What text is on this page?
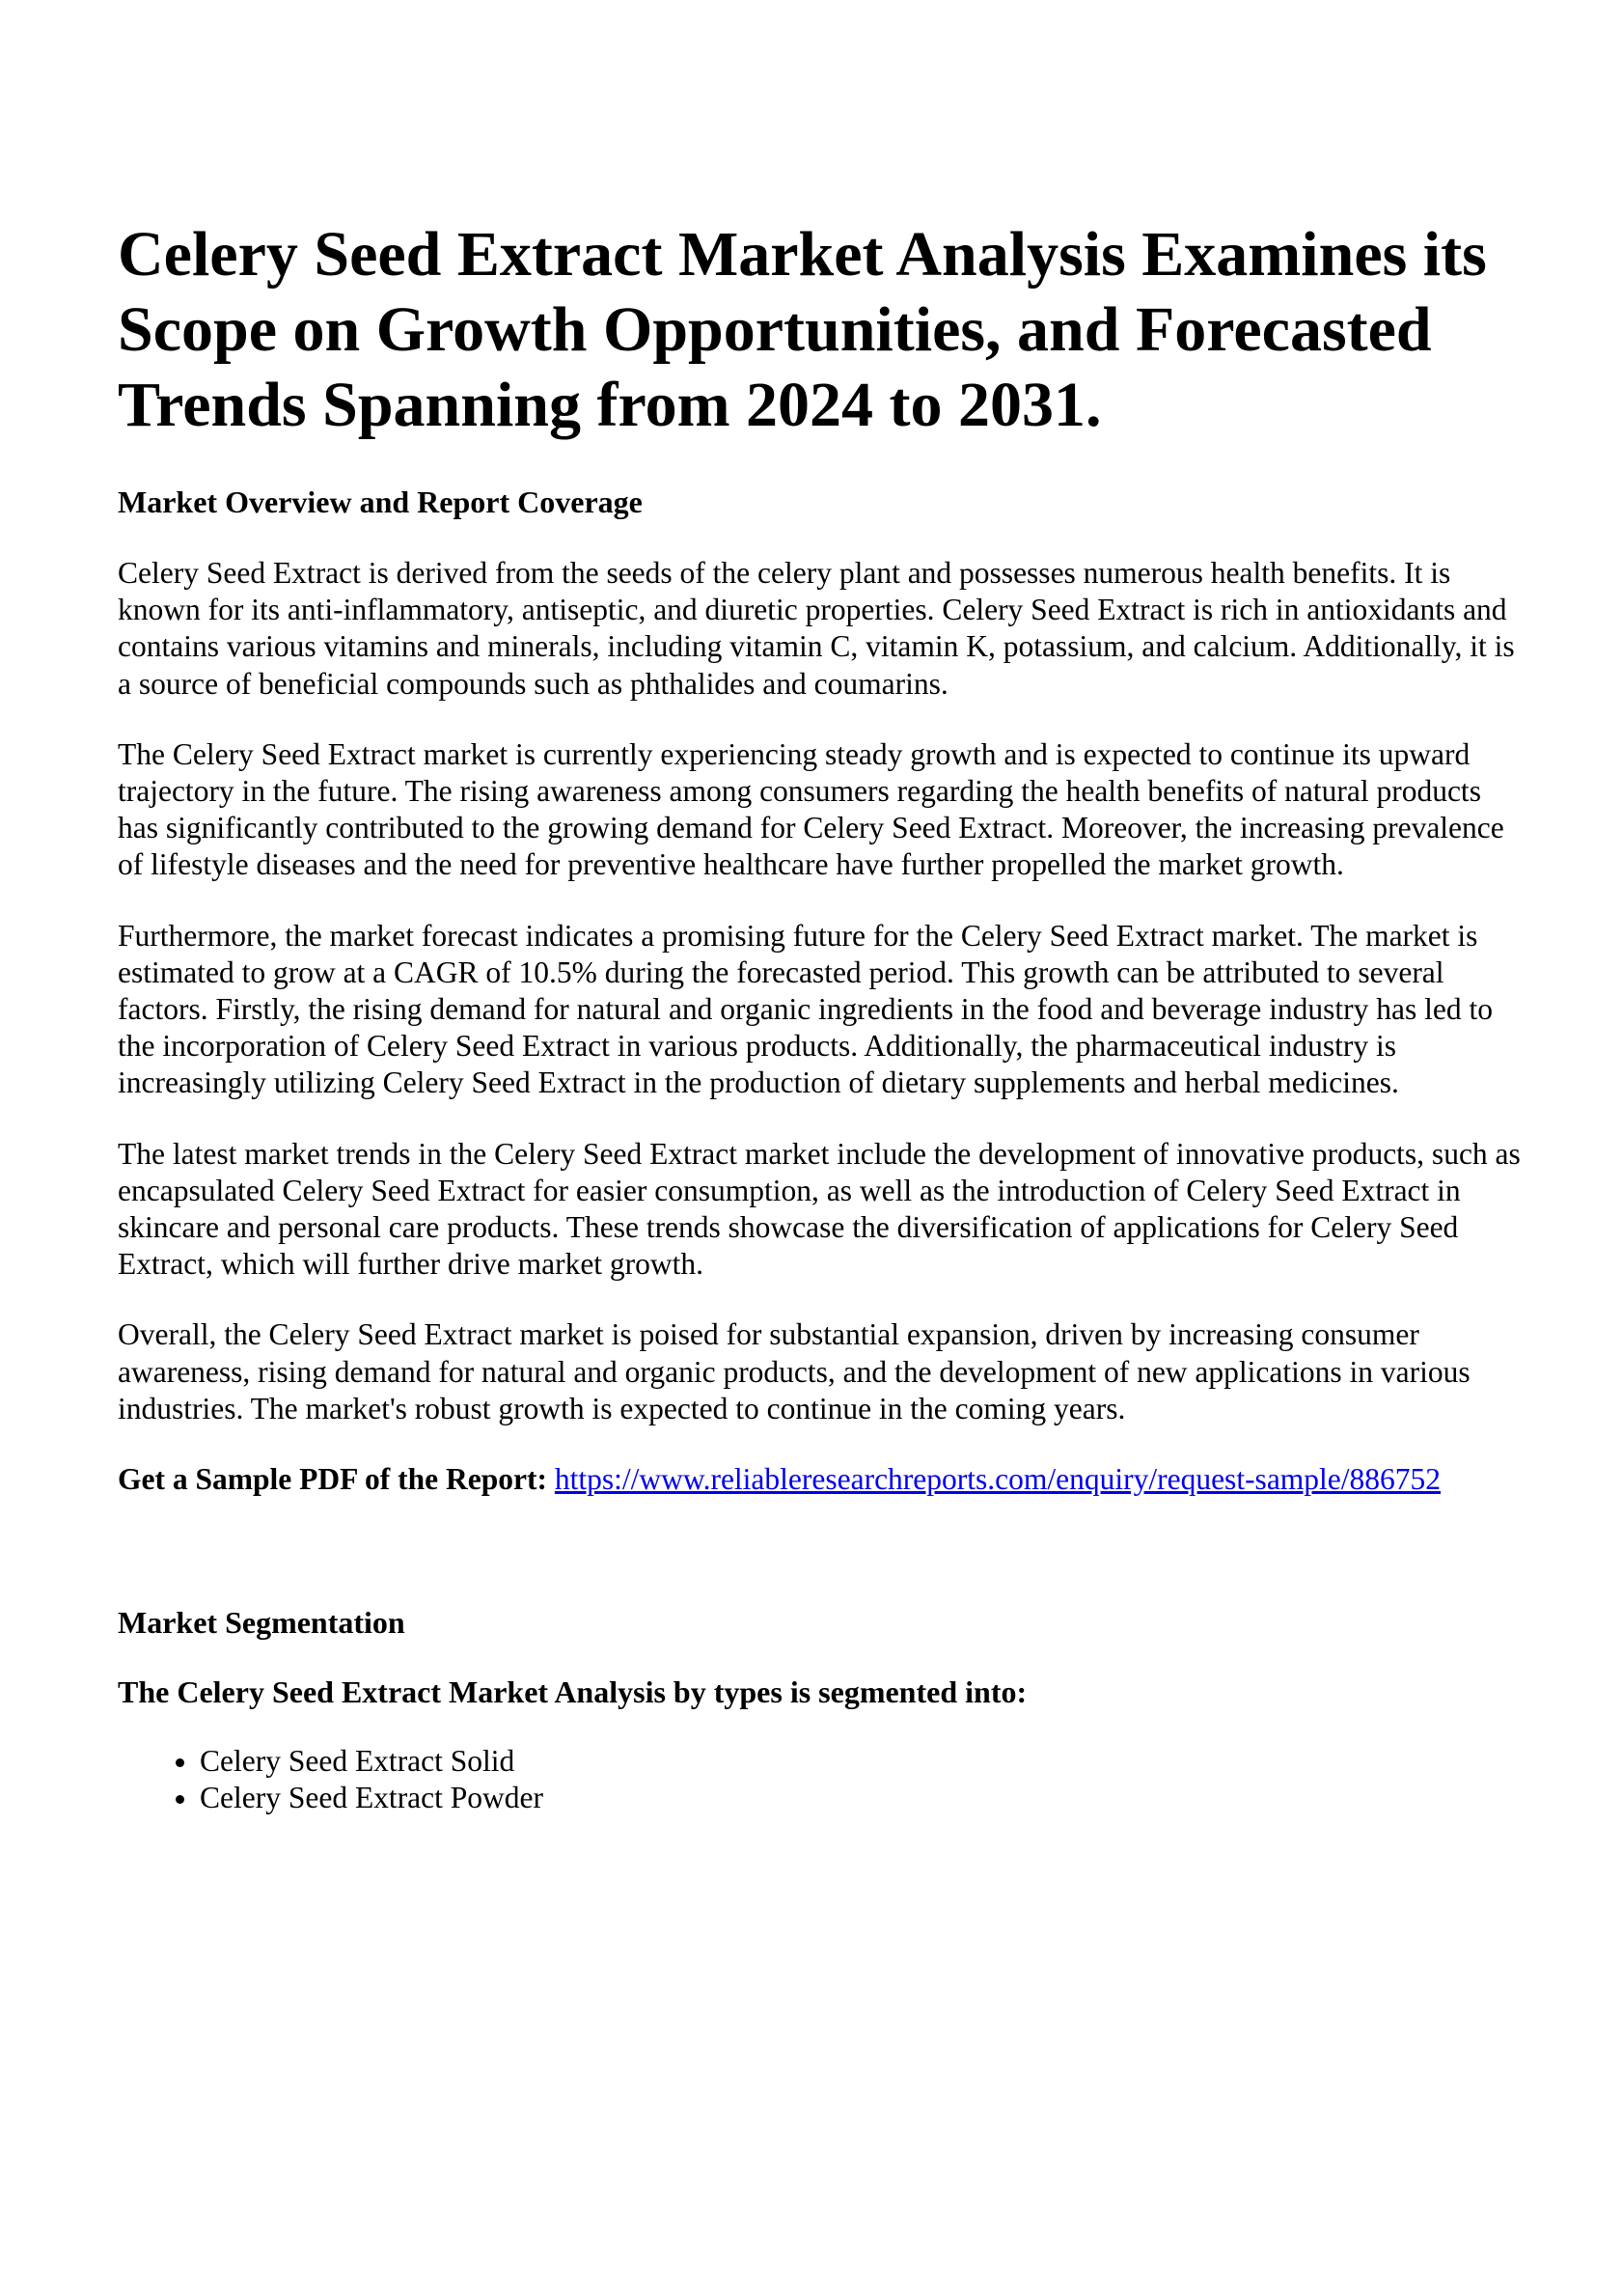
Celery Seed Extract Market Analysis Examines its Scope on Growth Opportunities, and Forecasted Trends Spanning from 2024 to 2031.
Market Overview and Report Coverage

Celery Seed Extract is derived from the seeds of the celery plant and possesses numerous health benefits. It is known for its anti-inflammatory, antiseptic, and diuretic properties. Celery Seed Extract is rich in antioxidants and contains various vitamins and minerals, including vitamin C, vitamin K, potassium, and calcium. Additionally, it is a source of beneficial compounds such as phthalides and coumarins.

The Celery Seed Extract market is currently experiencing steady growth and is expected to continue its upward trajectory in the future. The rising awareness among consumers regarding the health benefits of natural products has significantly contributed to the growing demand for Celery Seed Extract. Moreover, the increasing prevalence of lifestyle diseases and the need for preventive healthcare have further propelled the market growth.

Furthermore, the market forecast indicates a promising future for the Celery Seed Extract market. The market is estimated to grow at a CAGR of 10.5% during the forecasted period. This growth can be attributed to several factors. Firstly, the rising demand for natural and organic ingredients in the food and beverage industry has led to the incorporation of Celery Seed Extract in various products. Additionally, the pharmaceutical industry is increasingly utilizing Celery Seed Extract in the production of dietary supplements and herbal medicines.

The latest market trends in the Celery Seed Extract market include the development of innovative products, such as encapsulated Celery Seed Extract for easier consumption, as well as the introduction of Celery Seed Extract in skincare and personal care products. These trends showcase the diversification of applications for Celery Seed Extract, which will further drive market growth.

Overall, the Celery Seed Extract market is poised for substantial expansion, driven by increasing consumer awareness, rising demand for natural and organic products, and the development of new applications in various industries. The market's robust growth is expected to continue in the coming years.

Get a Sample PDF of the Report: https://www.reliableresearchreports.com/enquiry/request-sample/886752
Market Segmentation
The Celery Seed Extract Market Analysis by types is segmented into:
• Celery Seed Extract Solid
• Celery Seed Extract Powder
